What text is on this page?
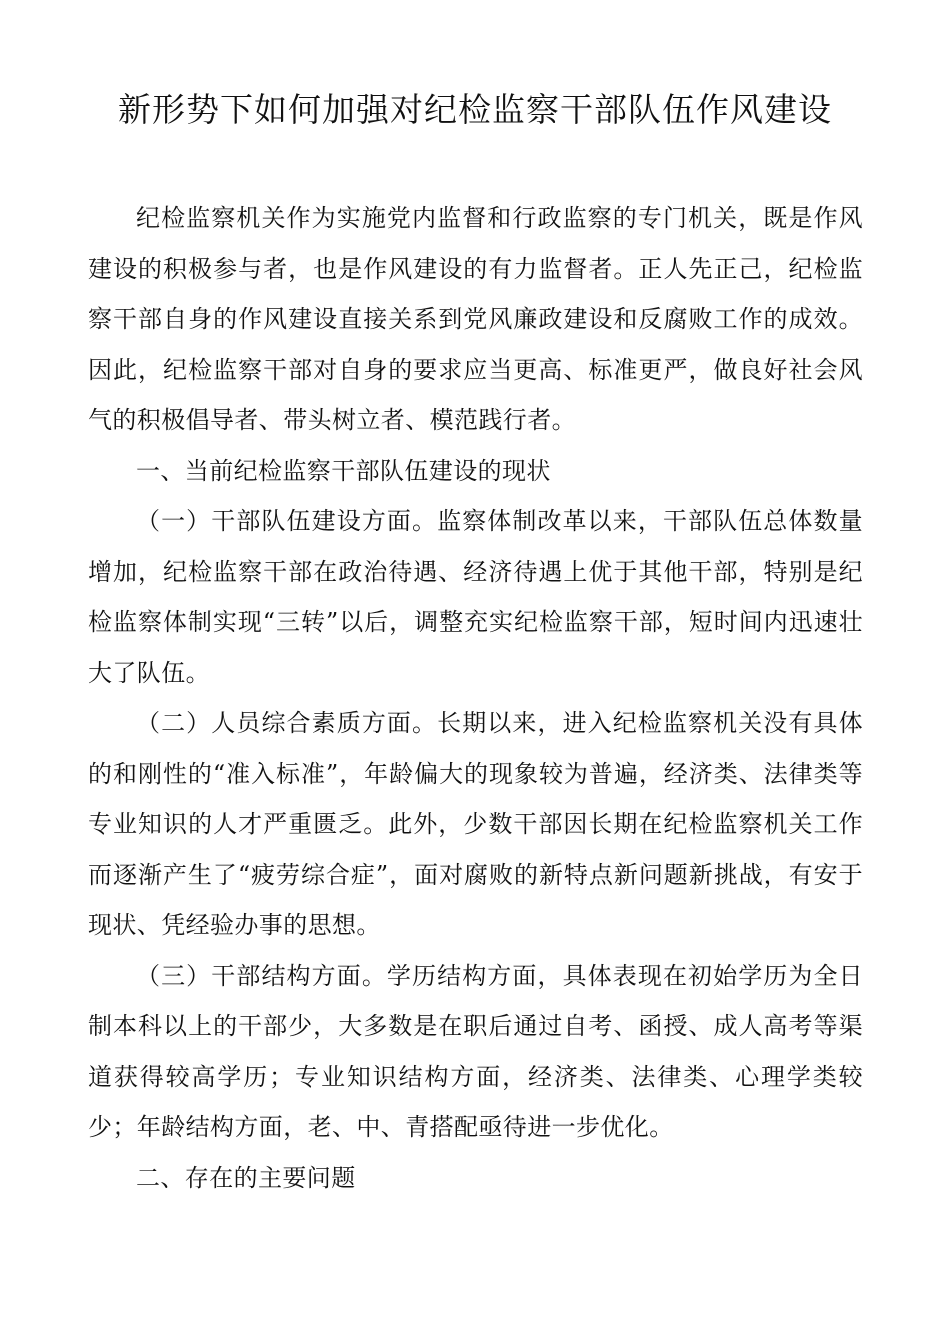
新形势下如何加强对纪检监察干部队伍作风建设

纪检监察机关作为实施党内监督和行政监察的专门机关，既是作风建设的积极参与者，也是作风建设的有力监督者。正人先正己，纪检监察干部自身的作风建设直接关系到党风廉政建设和反腐败工作的成效。因此，纪检监察干部对自身的要求应当更高、标准更严，做良好社会风气的积极倡导者、带头树立者、模范践行者。

一、当前纪检监察干部队伍建设的现状

（一）干部队伍建设方面。监察体制改革以来，干部队伍总体数量增加，纪检监察干部在政治待遇、经济待遇上优于其他干部，特别是纪检监察体制实现“三转”以后，调整充实纪检监察干部，短时间内迅速壮大了队伍。

（二）人员综合素质方面。长期以来，进入纪检监察机关没有具体的和刚性的“准入标准”，年龄偏大的现象较为普遍，经济类、法律类等专业知识的人才严重匮乏。此外，少数干部因长期在纪检监察机关工作而逐渐产生了“疲劳综合症”，面对腐败的新特点新问题新挑战，有安于现状、凭经验办事的思想。

（三）干部结构方面。学历结构方面，具体表现在初始学历为全日制本科以上的干部少，大多数是在职后通过自考、函授、成人高考等渠道获得较高学历；专业知识结构方面，经济类、法律类、心理学类较少；年龄结构方面，老、中、青搭配亟待进一步优化。

二、存在的主要问题
